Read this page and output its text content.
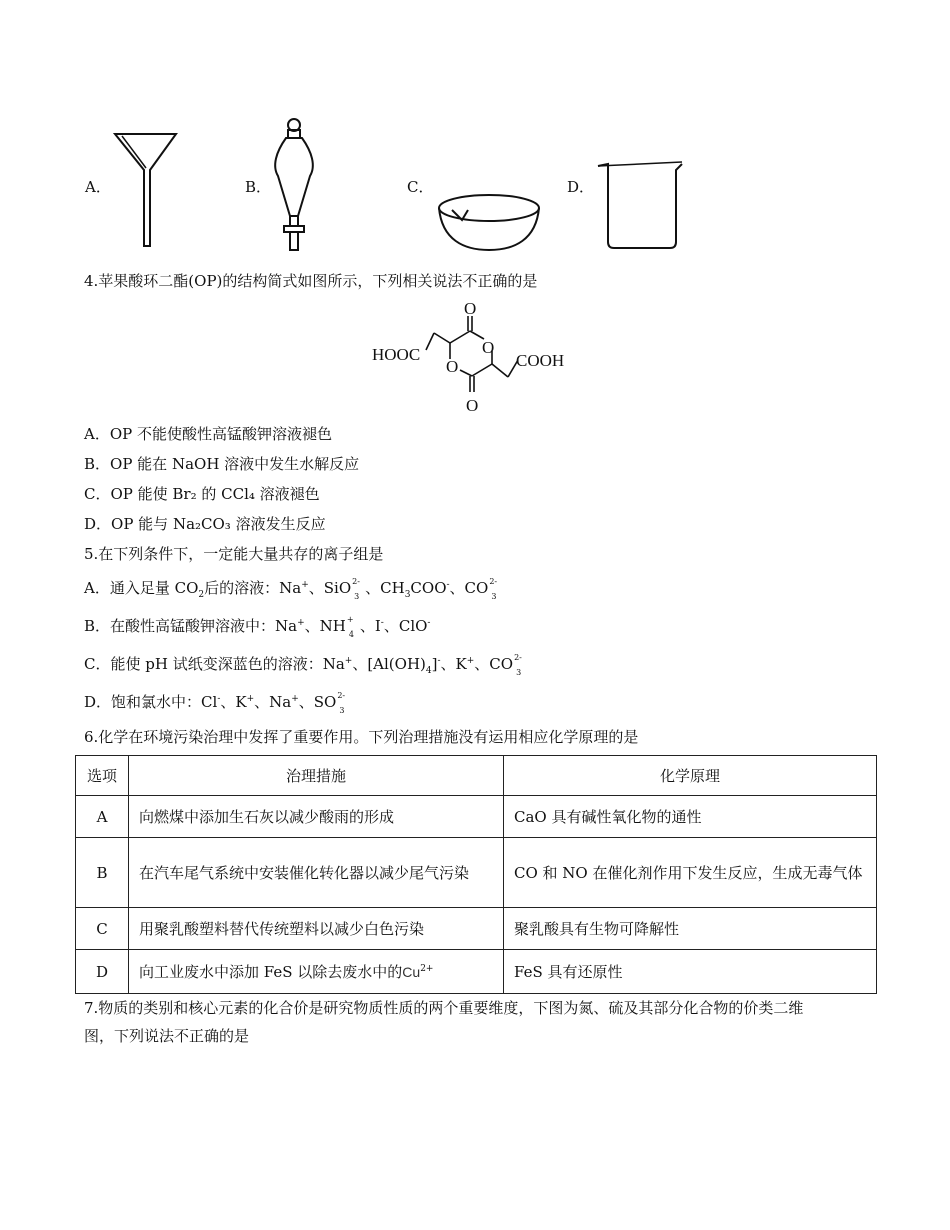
A．	B．	C．	D．
4.苹果酸环二酯(OP)的结构简式如图所示，下列相关说法不正确的是
O
O
O
O
HOOC	COOH
A．OP 不能使酸性高锰酸钾溶液褪色
B．OP 能在 NaOH 溶液中发生水解反应
C．OP 能使 Br₂ 的 CCl₄ 溶液褪色
D．OP 能与 Na₂CO₃ 溶液发生反应
5.在下列条件下，一定能大量共存的离子组是
A．通入足量 $CO_2$后的溶液：Na+、SiO 2-
3 、$CH_3COO^-$、CO 2-
3
B．在酸性高锰酸钾溶液中：Na+、NH +
4 、I-、ClO-
C．能使 pH 试纸变深蓝色的溶液：Na+、$[Al(OH)_4]^-$、K+、CO 2-
3
D．饱和氯水中：Cl-、K+、Na+、SO 2-
3
6.化学在环境污染治理中发挥了重要作用。下列治理措施没有运用相应化学原理的是
选项	治理措施	化学原理
A	向燃煤中添加生石灰以减少酸雨的形成	CaO 具有碱性氧化物的通性
B	在汽车尾气系统中安装催化转化器以减少尾气污染	CO 和 NO 在催化剂作用下发生反应，生成无毒气体
C	用聚乳酸塑料替代传统塑料以减少白色污染	聚乳酸具有生物可降解性
D	向工业废水中添加 FeS 以除去废水中的$Cu^{2+}$	FeS 具有还原性
7.物质的类别和核心元素的化合价是研究物质性质的两个重要维度，下图为氮、硫及其部分化合物的价类二维
图，下列说法不正确的是
